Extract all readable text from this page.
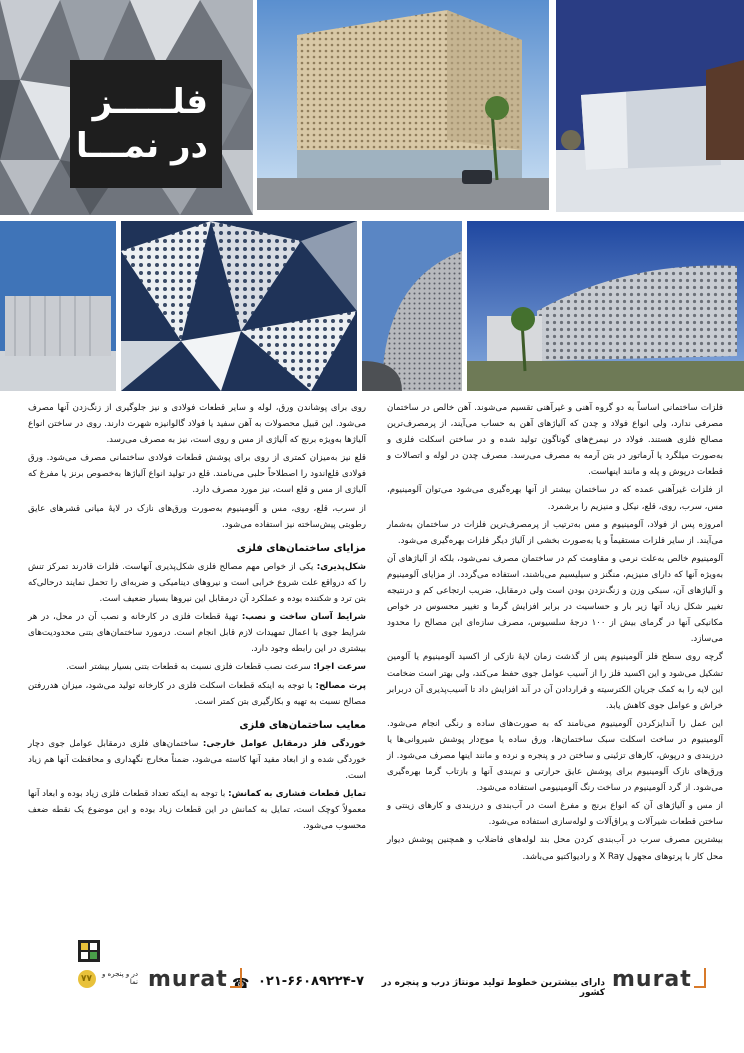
فلـــــز
در نمـــا

فلزات ساختمانی اساساً به دو گروه آهنی و غیرآهنی تقسیم می‌شوند. آهن خالص در ساختمان مصرفی ندارد، ولی انواع فولاد و چدن که آلیاژهای آهن به حساب می‌آیند، از پرمصرف‌ترین مصالح فلزی هستند. فولاد در نیمرخ‌های گوناگون تولید شده و در ساختن اسکلت فلزی و به‌صورت میلگرد یا آرماتور در بتن آرمه به مصرف می‌رسد. مصرف چدن در لوله و اتصالات و قطعات درپوش و پله و مانند اینهاست.

از فلزات غیرآهنی عمده که در ساختمان بیشتر از آنها بهره‌گیری می‌شود می‌توان آلومینیوم، مس، سرب، روی، قلع، نیکل و منیزیم را برشمرد.

امروزه پس از فولاد، آلومینیوم و مس به‌ترتیب از پرمصرف‌ترین فلزات در ساختمان به‌شمار می‌آیند. از سایر فلزات مستقیماً و یا به‌صورت بخشی از آلیاژ دیگر فلزات بهره‌گیری می‌شود.

آلومینیوم خالص به‌علت نرمی و مقاومت کم در ساختمان مصرف نمی‌شود، بلکه از آلیاژهای آن به‌ویژه آنها که دارای منیزیم، منگنز و سیلیسیم می‌باشند، استفاده می‌گردد. از مزایای آلومینیوم و آلیاژهای آن، سبکی وزن و زنگ‌نزدن بودن است ولی درمقابل، ضریب ارتجاعی کم و درنتیجه تغییر شکل زیاد آنها زیر بار و حساسیت در برابر افزایش گرما و تغییر محسوس در خواص مکانیکی آنها در گرمای بیش از ۱۰۰ درجهٔ سلسیوس، مصرف سازه‌ای این مصالح را محدود می‌سازد.

گرچه روی سطح فلز آلومینیوم پس از گذشت زمان لایهٔ نازکی از اکسید آلومینیوم یا آلومین تشکیل می‌شود و این اکسید فلز را از آسیب عوامل جوی حفظ می‌کند، ولی بهتر است ضخامت این لایه را به کمک جریان الکترسیته و قراردادن آن در آند افزایش داد تا آسیب‌پذیری آن دربرابر خراش و عوامل جوی کاهش یابد.

این عمل را آندایزکردن آلومینیوم می‌نامند که به صورت‌های ساده و رنگی انجام می‌شود. آلومینیوم در ساخت اسکلت سبک ساختمان‌ها، ورق ساده یا موج‌دار پوشش شیروانی‌ها یا درزبندی و درپوش، کارهای تزئینی و ساختن در و پنجره و نرده و مانند اینها مصرف می‌شود. از ورق‌های نازک آلومینیوم برای پوشش عایق حرارتی و نم‌بندی آنها و بازتاب گرما بهره‌گیری می‌شود. از گرد آلومینیوم در ساخت رنگ آلومینیومی استفاده می‌شود.

از مس و آلیاژهای آن که انواع برنج و مفرغ است در آب‌بندی و درزبندی و کارهای زینتی و ساختن قطعات شیرآلات و یراق‌آلات و لوله‌سازی استفاده می‌شود.

بیشترین مصرف سرب در آب‌بندی کردن محل بند لوله‌های فاضلاب و همچنین پوشش دیوار محل کار با پرتوهای مجهول X Ray و رادیواکتیو می‌باشد.

روی برای پوشاندن ورق، لوله و سایر قطعات فولادی و نیز جلوگیری از زنگ‌زدن آنها مصرف می‌شود. این قبیل محصولات به آهن سفید یا فولاد گالوانیزه شهرت دارند. روی در ساختن انواع آلیاژها به‌ویژه برنج که آلیاژی از مس و روی است، نیز به مصرف می‌رسد.

قلع نیز به‌میزان کمتری از روی برای پوشش قطعات فولادی ساختمانی مصرف می‌شود. ورق فولادی قلع‌اندود را اصطلاحاً حلبی می‌نامند. قلع در تولید انواع آلیاژها به‌خصوص برنز یا مفرغ که آلیاژی از مس و قلع است، نیز مورد مصرف دارد.

از سرب، قلع، روی، مس و آلومینیوم به‌صورت ورق‌های نازک در لایهٔ میانی قشرهای عایق رطوبتی پیش‌ساخته نیز استفاده می‌شود.

مزایای ساختمان‌های فلزی

شکل‌پذیری: یکی از خواص مهم مصالح فلزی شکل‌پذیری آنهاست. فلزات قادرند تمرکز تنش را که درواقع علت شروع خرابی است و نیروهای دینامیکی و ضربه‌ای را تحمل نمایند درحالی‌که بتن ترد و شکننده بوده و عملکرد آن درمقابل این نیروها بسیار ضعیف است.

شرایط آسان ساخت و نصب: تهیهٔ قطعات فلزی در کارخانه و نصب آن در محل، در هر شرایط جوی با اعمال تمهیدات لازم قابل انجام است. درمورد ساختمان‌های بتنی محدودیت‌های بیشتری در این رابطه وجود دارد.

سرعت اجرا: سرعت نصب قطعات فلزی نسبت به قطعات بتنی بسیار بیشتر است.

پرت مصالح: با توجه به اینکه قطعات اسکلت فلزی در کارخانه تولید می‌شود، میزان هدررفتن مصالح نسبت به تهیه و بکارگیری بتن کمتر است.

معایب ساختمان‌های فلزی

خوردگی فلز درمقابل عوامل خارجی: ساختمان‌های فلزی درمقابل عوامل جوی دچار خوردگی شده و از ابعاد مفید آنها کاسته می‌شود، ضمناً مخارج نگهداری و محافظت آنها هم زیاد است.

تمایل قطعات فشاری به کمانش: با توجه به اینکه تعداد قطعات فلزی زیاد بوده و ابعاد آنها معمولاً کوچک است، تمایل به کمانش در این قطعات زیاد بوده و این موضوع یک نقطه ضعف محسوب می‌شود.

murat
دارای بیشترین خطوط تولید مونتاژ درب و پنجره در کشور
۰۲۱-۶۶۰۸۹۲۲۴-۷
☎
murat
در و پنجره و نما
۷۷
